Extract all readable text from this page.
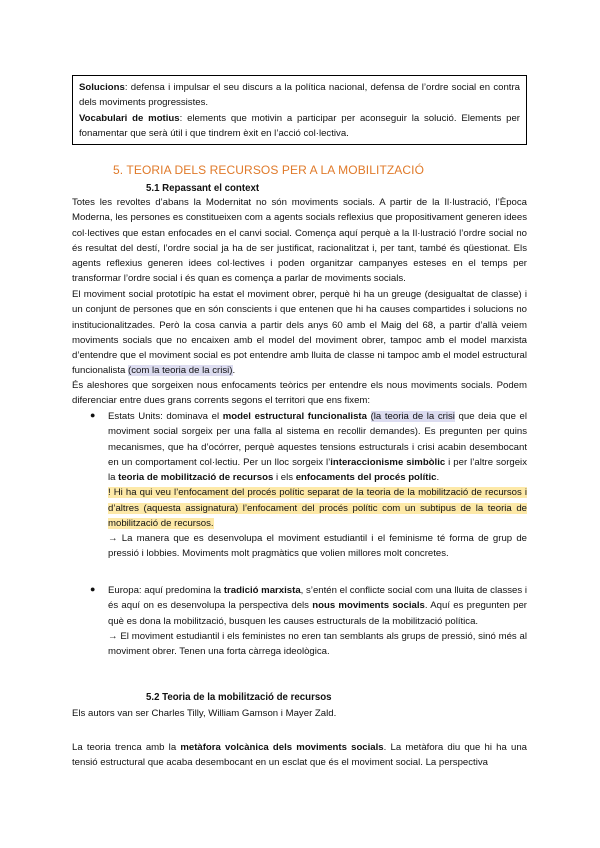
Solucions: defensa i impulsar el seu discurs a la política nacional, defensa de l’ordre social en contra dels moviments progressistes.

Vocabulari de motius: elements que motivin a participar per aconseguir la solució. Elements per fonamentar que serà útil i que tindrem èxit en l’acció col·lectiva.

5. TEORIA DELS RECURSOS PER A LA MOBILITZACIÓ
5.1 Repassant el context
Totes les revoltes d’abans la Modernitat no són moviments socials. A partir de la Il·lustració, l’Època Moderna, les persones es constitueixen com a agents socials reflexius que propositivament generen idees col·lectives que estan enfocades en el canvi social. Comença aquí perquè a la Il·lustració l’ordre social no és resultat del destí, l’ordre social ja ha de ser justificat, racionalitzat i, per tant, també és qüestionat. Els agents reflexius generen idees col·lectives i poden organitzar campanyes esteses en el temps per transformar l’ordre social i és quan es comença a parlar de moviments socials.
El moviment social prototípic ha estat el moviment obrer, perquè hi ha un greuge (desigualtat de classe) i un conjunt de persones que en són conscients i que entenen que hi ha causes compartides i solucions no institucionalitzades. Però la cosa canvia a partir dels anys 60 amb el Maig del 68, a partir d’allà veiem moviments socials que no encaixen amb el model del moviment obrer, tampoc amb el model marxista d’entendre que el moviment social es pot entendre amb lluita de classe ni tampoc amb el model estructural funcionalista (com la teoria de la crisi).
És aleshores que sorgeixen nous enfocaments teòrics per entendre els nous moviments socials. Podem diferenciar entre dues grans corrents segons el territori que ens fixem:
●	Estats Units: dominava el model estructural funcionalista (la teoria de la crisi que deia que el moviment social sorgeix per una falla al sistema en recollir demandes). Es pregunten per quins mecanismes, que ha d’ocórrer, perquè aquestes tensions estructurals i crisi acabin desembocant en un comportament col·lectiu. Per un lloc sorgeix l’interaccionisme simbòlic i per l’altre sorgeix la teoria de mobilització de recursos i els enfocaments del procés polític.

! Hi ha qui veu l’enfocament del procés polític separat de la teoria de la mobilització de recursos i d’altres (aquesta assignatura) l’enfocament del procés polític com un subtipus de la teoria de mobilització de recursos.

→ La manera que es desenvolupa el moviment estudiantil i el feminisme té forma de grup de pressió i lobbies. Moviments molt pragmàtics que volien millores molt concretes.

●	Europa: aquí predomina la tradició marxista, s’entén el conflicte social com una lluita de classes i és aquí on es desenvolupa la perspectiva dels nous moviments socials. Aquí es pregunten per què es dona la mobilització, busquen les causes estructurals de la mobilització política.

→ El moviment estudiantil i els feministes no eren tan semblants als grups de pressió, sinó més al moviment obrer. Tenen una forta càrrega ideològica.

5.2 Teoria de la mobilització de recursos
Els autors van ser Charles Tilly, William Gamson i Mayer Zald.
La teoria trenca amb la metàfora volcànica dels moviments socials. La metàfora diu que hi ha una tensió estructural que acaba desembocant en un esclat que és el moviment social. La perspectiva
